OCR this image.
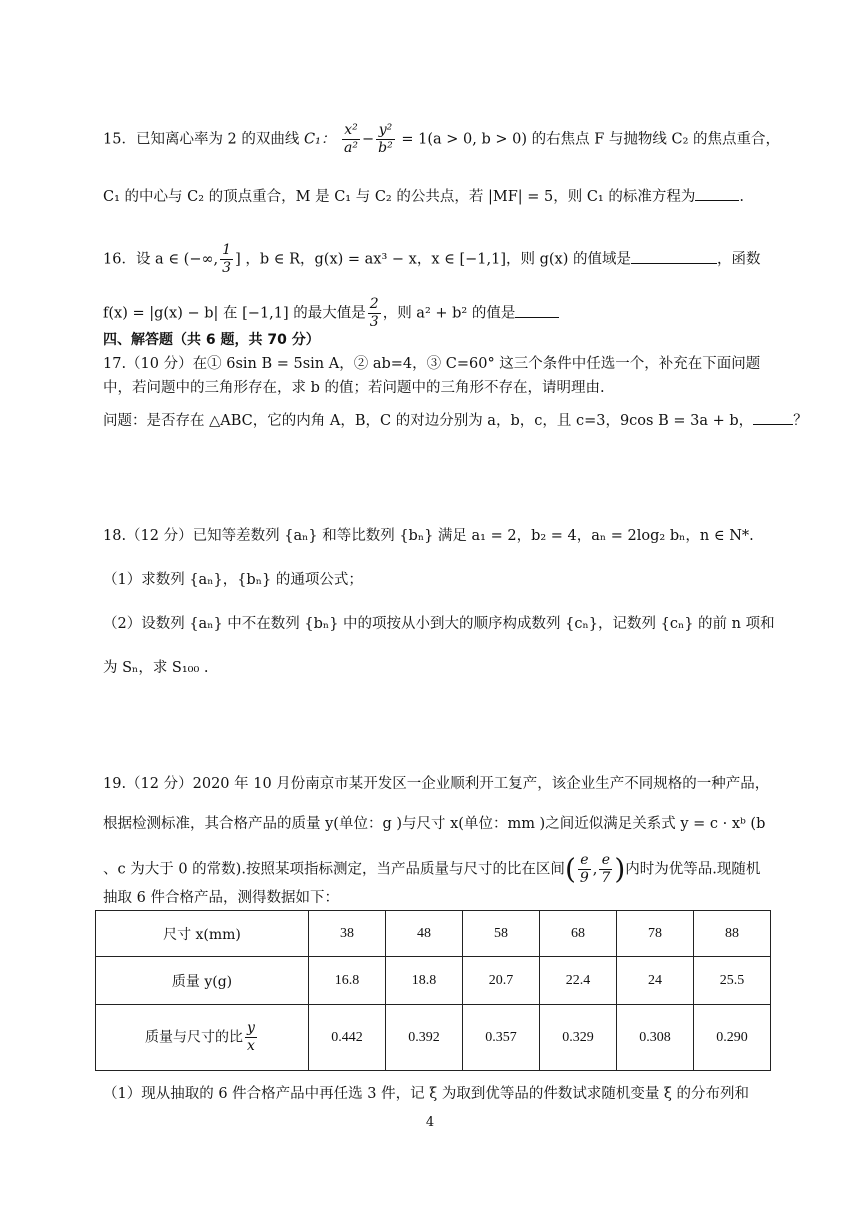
15．已知离心率为 2 的双曲线 C₁： $\frac{\text{x²}}{\text{a²}} - \frac{\text{y²}}{\text{b²}} = 1(a > 0$, b > 0) 的右焦点 F 与抛物线 C₂ 的焦点重合，
C₁ 的中心与 C₂ 的顶点重合，M 是 C₁ 与 C₂ 的公共点，若 |MF| = 5，则 C₁ 的标准方程为	.
16．设 a ∈ (−∞, $\frac{1}{3}$ ] ，b ∈ R，g(x) = ax³ − x，x ∈ [−1,1]，则 g(x) 的值域是	，函数
f(x) = |g(x) − b| 在 [−1,1] 的最大值是 $\frac{2}{3}$ ，则 a² + b² 的值是
四、解答题（共 6 题，共 70 分）
17.（10 分）在① 6sin B = 5sin A，② ab=4，③ C=60° 这三个条件中任选一个，补充在下面问题
中，若问题中的三角形存在，求 b 的值；若问题中的三角形不存在，请明理由.
问题：是否存在 △ABC，它的内角 A，B，C 的对边分别为 a，b，c，且 c=3，9cos B = 3a + b，	？
18.（12 分）已知等差数列 {aₙ} 和等比数列 {bₙ} 满足 a₁ = 2，b₂ = 4，aₙ = 2log₂ bₙ，n ∈ N*.
（1）求数列 {aₙ}，{bₙ} 的通项公式；
（2）设数列 {aₙ} 中不在数列 {bₙ} 中的项按从小到大的顺序构成数列 {cₙ}，记数列 {cₙ} 的前 n 项和
为 Sₙ，求 S₁₀₀ .
19.（12 分）2020 年 10 月份南京市某开发区一企业顺利开工复产，该企业生产不同规格的一种产品，
根据检测标准，其合格产品的质量 y(单位：g )与尺寸 x(单位：mm )之间近似满足关系式 y = c · xᵇ (b
、c 为大于 0 的常数).按照某项指标测定，当产品质量与尺寸的比在区间( $\frac{e}{9}$ , $\frac{e}{7}$ )内时为优等品.现随机
抽取 6 件合格产品，测得数据如下：
尺寸 x(mm)	38	48	58	68	78	88
质量 y(g)	16.8	18.8	20.7	22.4	24	25.5
质量与尺寸的比 $\frac{y}{x}$	0.442	0.392	0.357	0.329	0.308	0.290
（1）现从抽取的 6 件合格产品中再任选 3 件，记 ξ 为取到优等品的件数试求随机变量 ξ 的分布列和
4
